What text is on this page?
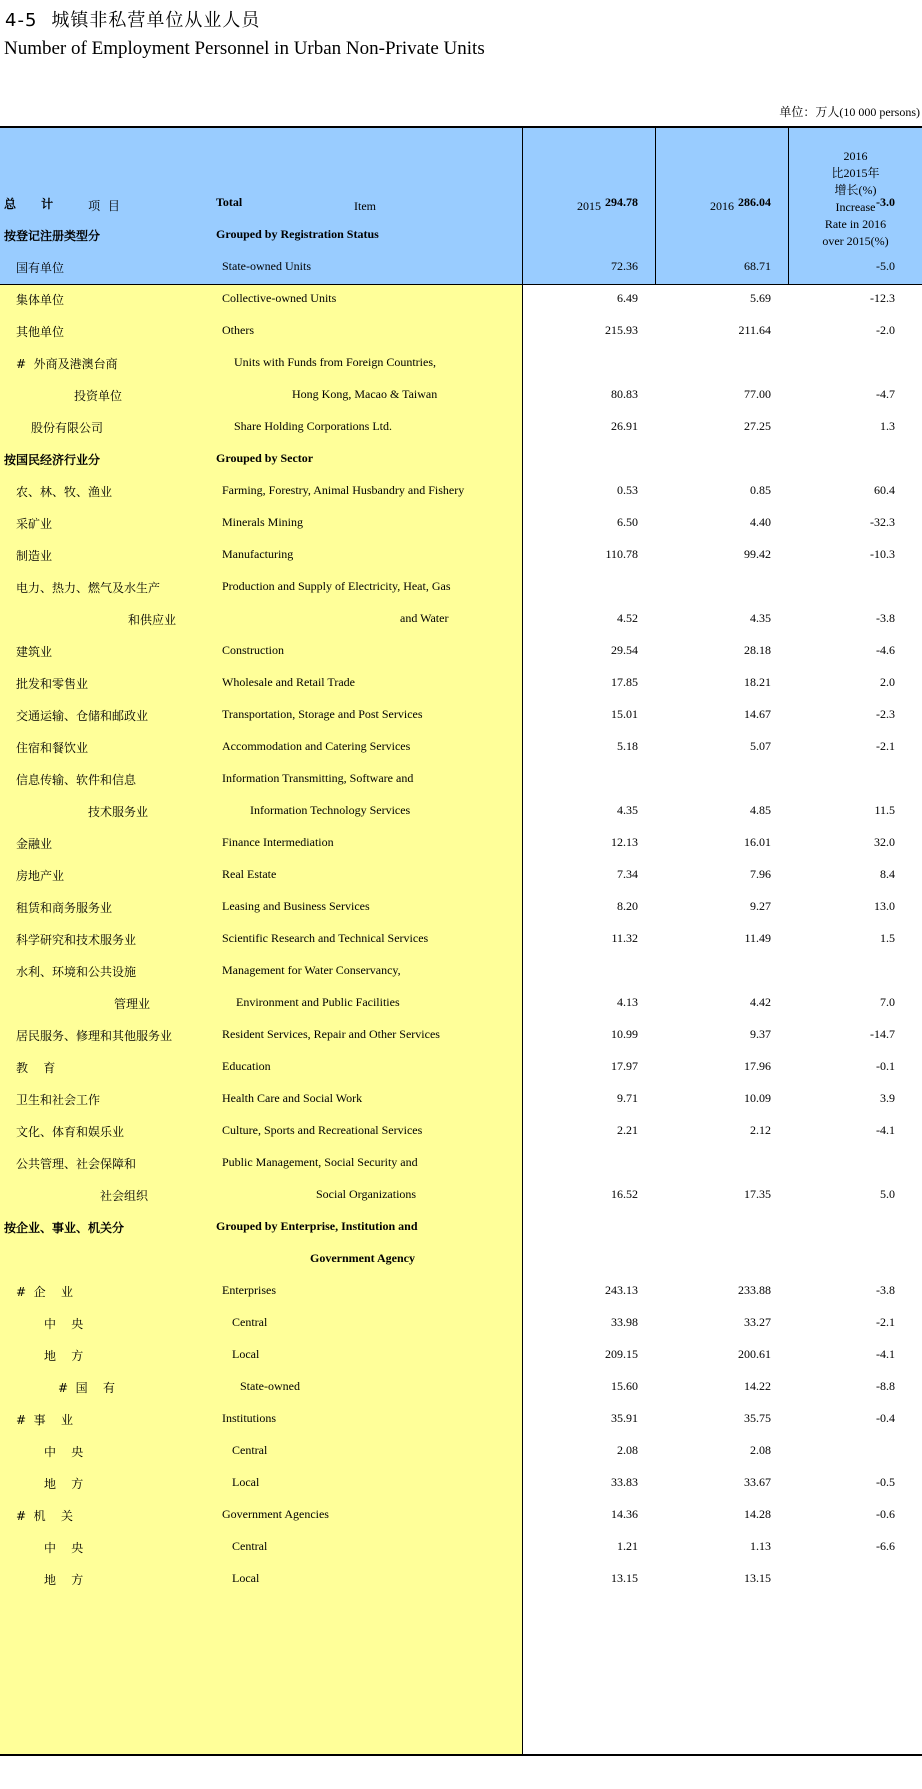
4-5 城镇非私营单位从业人员
Number of Employment Personnel in Urban Non-Private Units
单位：万人(10 000 persons)
项 目	Item	2015	2016
2016
比2015年
增长(%)
Increase
Rate in 2016
over 2015(%)
总      计	Total	294.78	286.04	-3.0
按登记注册类型分	Grouped by Registration Status
国有单位	State-owned Units	72.36	68.71	-5.0
集体单位	Collective-owned Units	6.49	5.69	-12.3
其他单位	Others	215.93	211.64	-2.0
#  外商及港澳台商	Units with Funds from Foreign Countries,
投资单位	Hong Kong, Macao & Taiwan	80.83	77.00	-4.7
股份有限公司	Share Holding Corporations Ltd.	26.91	27.25	1.3
按国民经济行业分	Grouped by Sector
农、林、牧、渔业	Farming, Forestry, Animal Husbandry and Fishery	0.53	0.85	60.4
采矿业	Minerals Mining	6.50	4.40	-32.3
制造业	Manufacturing	110.78	99.42	-10.3
电力、热力、燃气及水生产	Production and Supply of Electricity, Heat, Gas
和供应业	and Water	4.52	4.35	-3.8
建筑业	Construction	29.54	28.18	-4.6
批发和零售业	Wholesale and Retail Trade	17.85	18.21	2.0
交通运输、仓储和邮政业	Transportation, Storage and Post Services	15.01	14.67	-2.3
住宿和餐饮业	Accommodation and Catering Services	5.18	5.07	-2.1
信息传输、软件和信息	Information Transmitting, Software and
技术服务业	Information Technology Services	4.35	4.85	11.5
金融业	Finance Intermediation	12.13	16.01	32.0
房地产业	Real Estate	7.34	7.96	8.4
租赁和商务服务业	Leasing and Business Services	8.20	9.27	13.0
科学研究和技术服务业	Scientific Research and Technical Services	11.32	11.49	1.5
水利、环境和公共设施	Management for Water Conservancy,
管理业	Environment and Public Facilities	4.13	4.42	7.0
居民服务、修理和其他服务业	Resident Services, Repair and Other Services	10.99	9.37	-14.7
教    育	Education	17.97	17.96	-0.1
卫生和社会工作	Health Care and Social Work	9.71	10.09	3.9
文化、体育和娱乐业	Culture, Sports and Recreational Services	2.21	2.12	-4.1
公共管理、社会保障和	Public Management, Social Security and
社会组织	Social Organizations	16.52	17.35	5.0
按企业、事业、机关分	Grouped by Enterprise, Institution and
Government Agency
#  企    业	Enterprises	243.13	233.88	-3.8
中    央	Central	33.98	33.27	-2.1
地    方	Local	209.15	200.61	-4.1
#  国    有	State-owned	15.60	14.22	-8.8
#  事    业	Institutions	35.91	35.75	-0.4
中    央	Central	2.08	2.08
地    方	Local	33.83	33.67	-0.5
#  机    关	Government Agencies	14.36	14.28	-0.6
中    央	Central	1.21	1.13	-6.6
地    方	Local	13.15	13.15
